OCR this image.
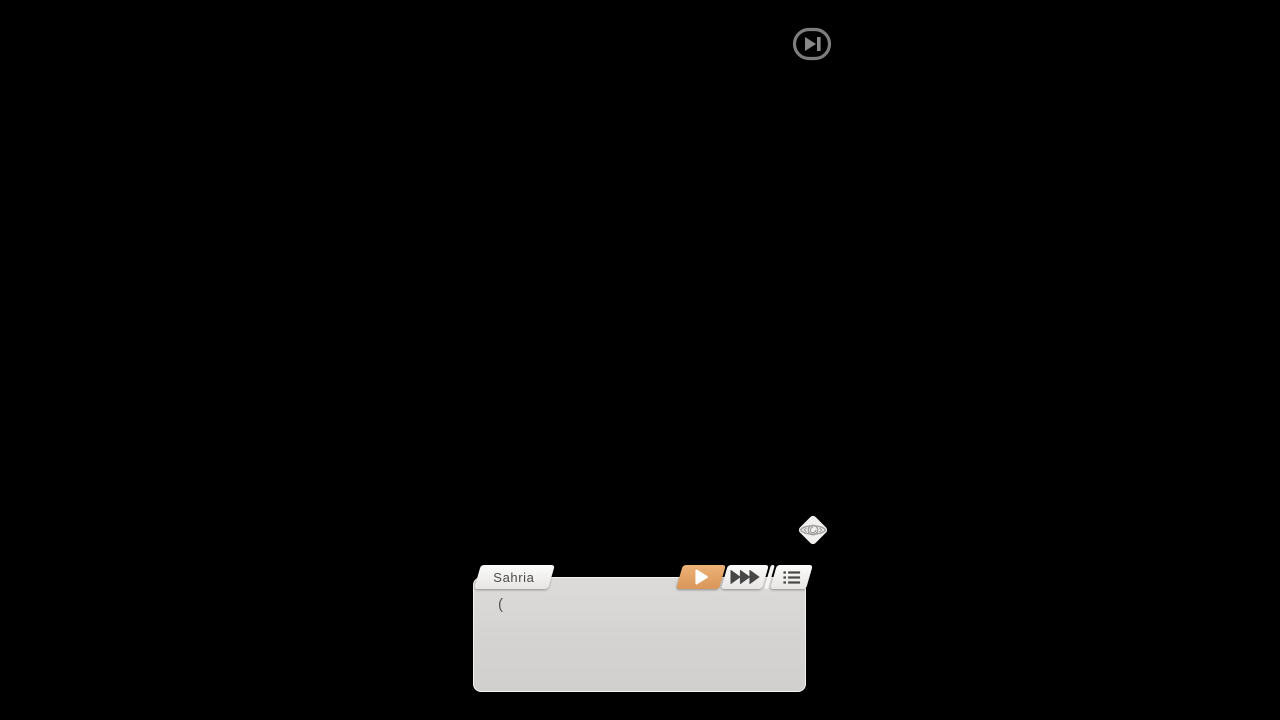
(
Sahria
